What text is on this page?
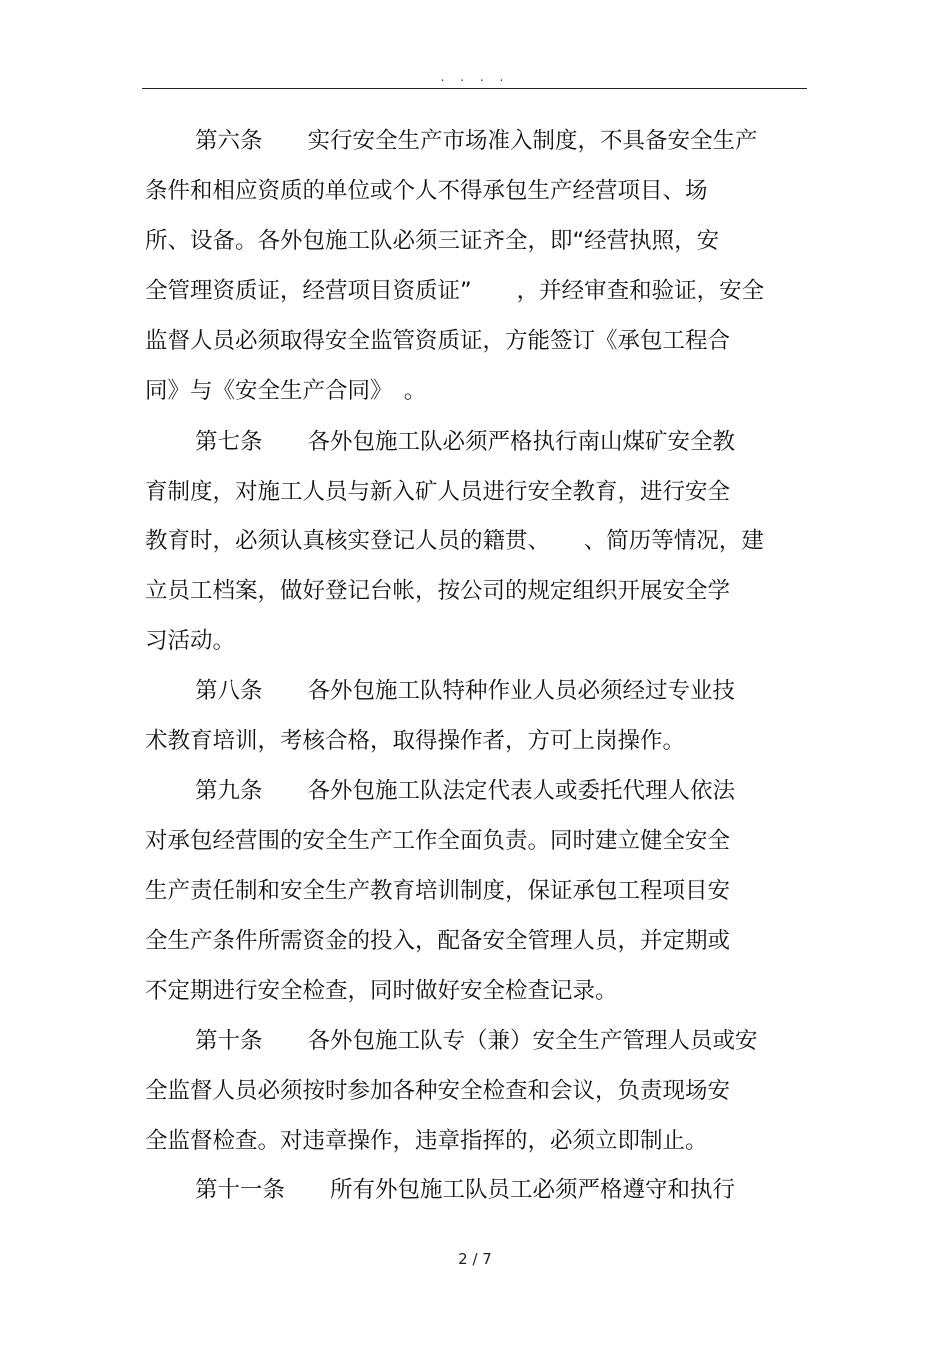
. . . .
第六条　　实行安全生产市场准入制度，不具备安全生产
条件和相应资质的单位或个人不得承包生产经营项目、场
所、设备。各外包施工队必须三证齐全，即“经营执照，安
全管理资质证，经营项目资质证”　　，并经审查和验证，安全
监督人员必须取得安全监管资质证，方能签订《承包工程合
同》与《安全生产合同》　。
第七条　　各外包施工队必须严格执行南山煤矿安全教
育制度，对施工人员与新入矿人员进行安全教育，进行安全
教育时，必须认真核实登记人员的籍贯、　　、简历等情况，建
立员工档案，做好登记台帐，按公司的规定组织开展安全学
习活动。
第八条　　各外包施工队特种作业人员必须经过专业技
术教育培训，考核合格，取得操作者，方可上岗操作。
第九条　　各外包施工队法定代表人或委托代理人依法
对承包经营围的安全生产工作全面负责。同时建立健全安全
生产责任制和安全生产教育培训制度，保证承包工程项目安
全生产条件所需资金的投入，配备安全管理人员，并定期或
不定期进行安全检查，同时做好安全检查记录。
第十条　　各外包施工队专（兼）安全生产管理人员或安
全监督人员必须按时参加各种安全检查和会议，负责现场安
全监督检查。对违章操作，违章指挥的，必须立即制止。
第十一条　　所有外包施工队员工必须严格遵守和执行
2 / 7
